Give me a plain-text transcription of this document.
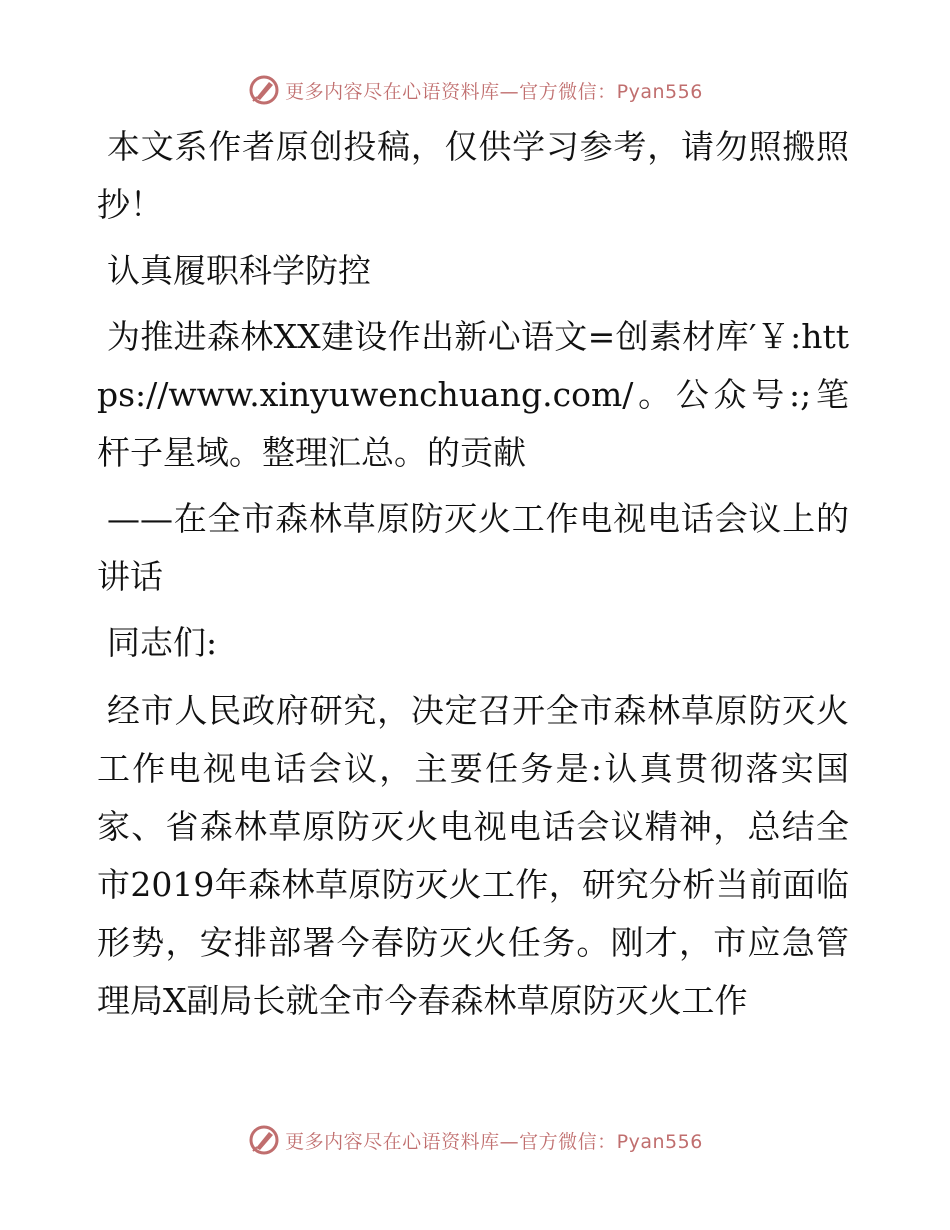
更多内容尽在心语资料库—官方微信：Pyan556

本文系作者原创投稿，仅供学习参考，请勿照搬照抄！

认真履职科学防控

为推进森林XX建设作出新心语文=创素材库′￥:https://www.xinyuwenchuang.com/。公众号:;笔杆子星域。整理汇总。的贡献

——在全市森林草原防灭火工作电视电话会议上的讲话

同志们:

经市人民政府研究，决定召开全市森林草原防灭火工作电视电话会议，主要任务是:认真贯彻落实国家、省森林草原防灭火电视电话会议精神，总结全市2019年森林草原防灭火工作，研究分析当前面临形势，安排部署今春防灭火任务。刚才，市应急管理局X副局长就全市今春森林草原防灭火工作

更多内容尽在心语资料库—官方微信：Pyan556
